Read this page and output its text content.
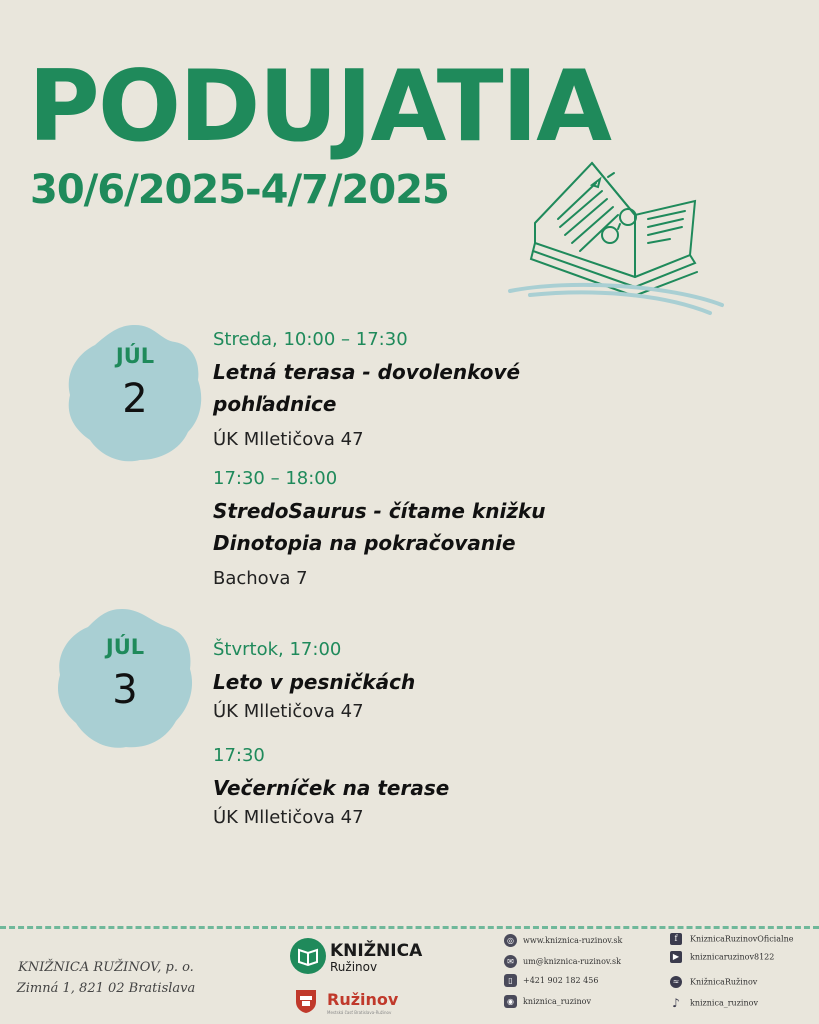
PODUJATIA
30/6/2025-4/7/2025
JÚL
2
Streda, 10:00 – 17:30
Letná terasa - dovolenkové pohľadnice
ÚK Mlletičova 47
17:30 – 18:00
StredoSaurus - čítame knižku Dinotopia na pokračovanie
Bachova 7
JÚL
3
Štvrtok, 17:00
Leto v pesničkách
ÚK Mlletičova 47
17:30
Večerníček na terase
ÚK Mlletičova 47
KNIŽNICA RUŽINOV, p. o.
Zimná 1, 821 02 Bratislava
KNIŽNICA
Ružinov
Ružinov
Mestská časť Bratislava-Ružinov
◎ www.kniznica-ruzinov.sk
✉ um@kniznica-ruzinov.sk
▯ +421 902 182 456
◉ kniznica_ruzinov
f KniznicaRuzinovOficialne
▶ kniznicaruzinov8122
≈ KnižnicaRužinov
♪ kniznica_ruzinov
